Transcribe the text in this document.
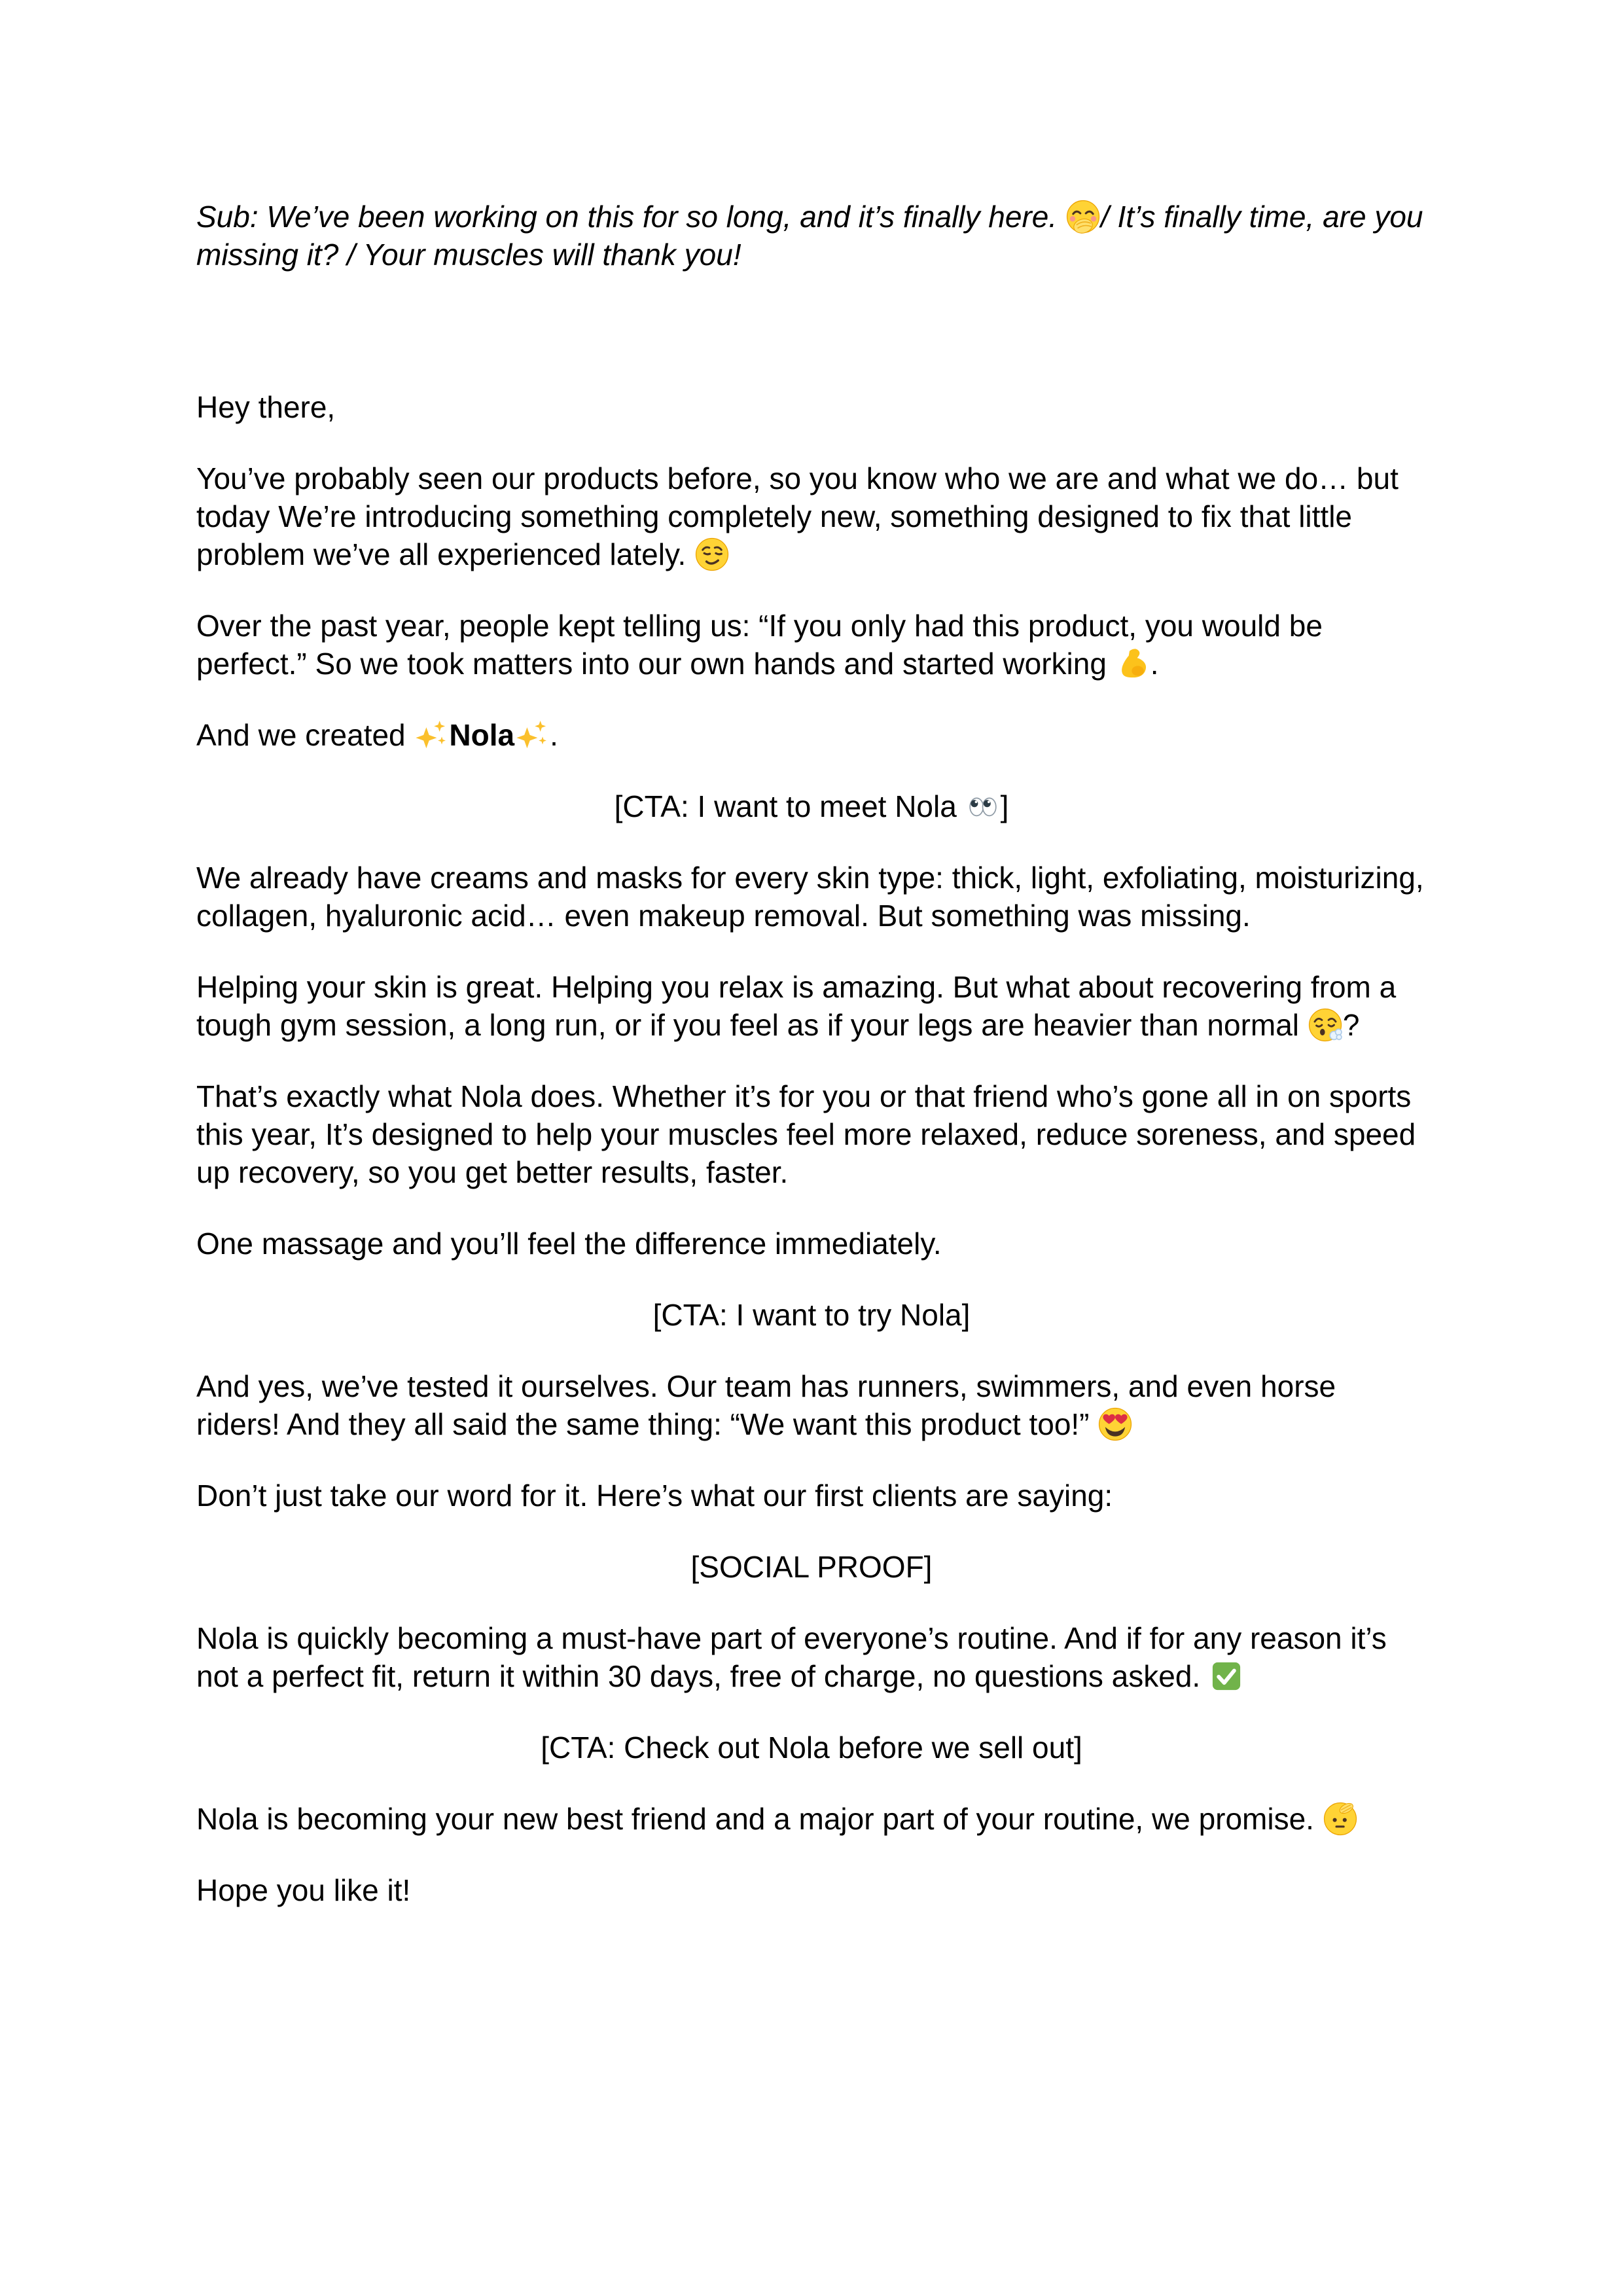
Sub: We’ve been working on this for so long, and it’s finally here. / It’s finally time, are you missing it? / Your muscles will thank you!

Hey there,

You’ve probably seen our products before, so you know who we are and what we do… but today We’re introducing something completely new, something designed to fix that little problem we’ve all experienced lately.

Over the past year, people kept telling us: “If you only had this product, you would be perfect.” So we took matters into our own hands and started working .

And we created Nola .

[CTA: I want to meet Nola ]

We already have creams and masks for every skin type: thick, light, exfoliating, moisturizing, collagen, hyaluronic acid… even makeup removal. But something was missing.

Helping your skin is great. Helping you relax is amazing. But what about recovering from a tough gym session, a long run, or if you feel as if your legs are heavier than normal ?

That’s exactly what Nola does. Whether it’s for you or that friend who’s gone all in on sports this year, It’s designed to help your muscles feel more relaxed, reduce soreness, and speed up recovery, so you get better results, faster.

One massage and you’ll feel the difference immediately.

[CTA: I want to try Nola]

And yes, we’ve tested it ourselves. Our team has runners, swimmers, and even horse riders! And they all said the same thing: “We want this product too!”

Don’t just take our word for it. Here’s what our first clients are saying:

[SOCIAL PROOF]

Nola is quickly becoming a must-have part of everyone’s routine. And if for any reason it’s not a perfect fit, return it within 30 days, free of charge, no questions asked.

[CTA: Check out Nola before we sell out]

Nola is becoming your new best friend and a major part of your routine, we promise.

Hope you like it!
